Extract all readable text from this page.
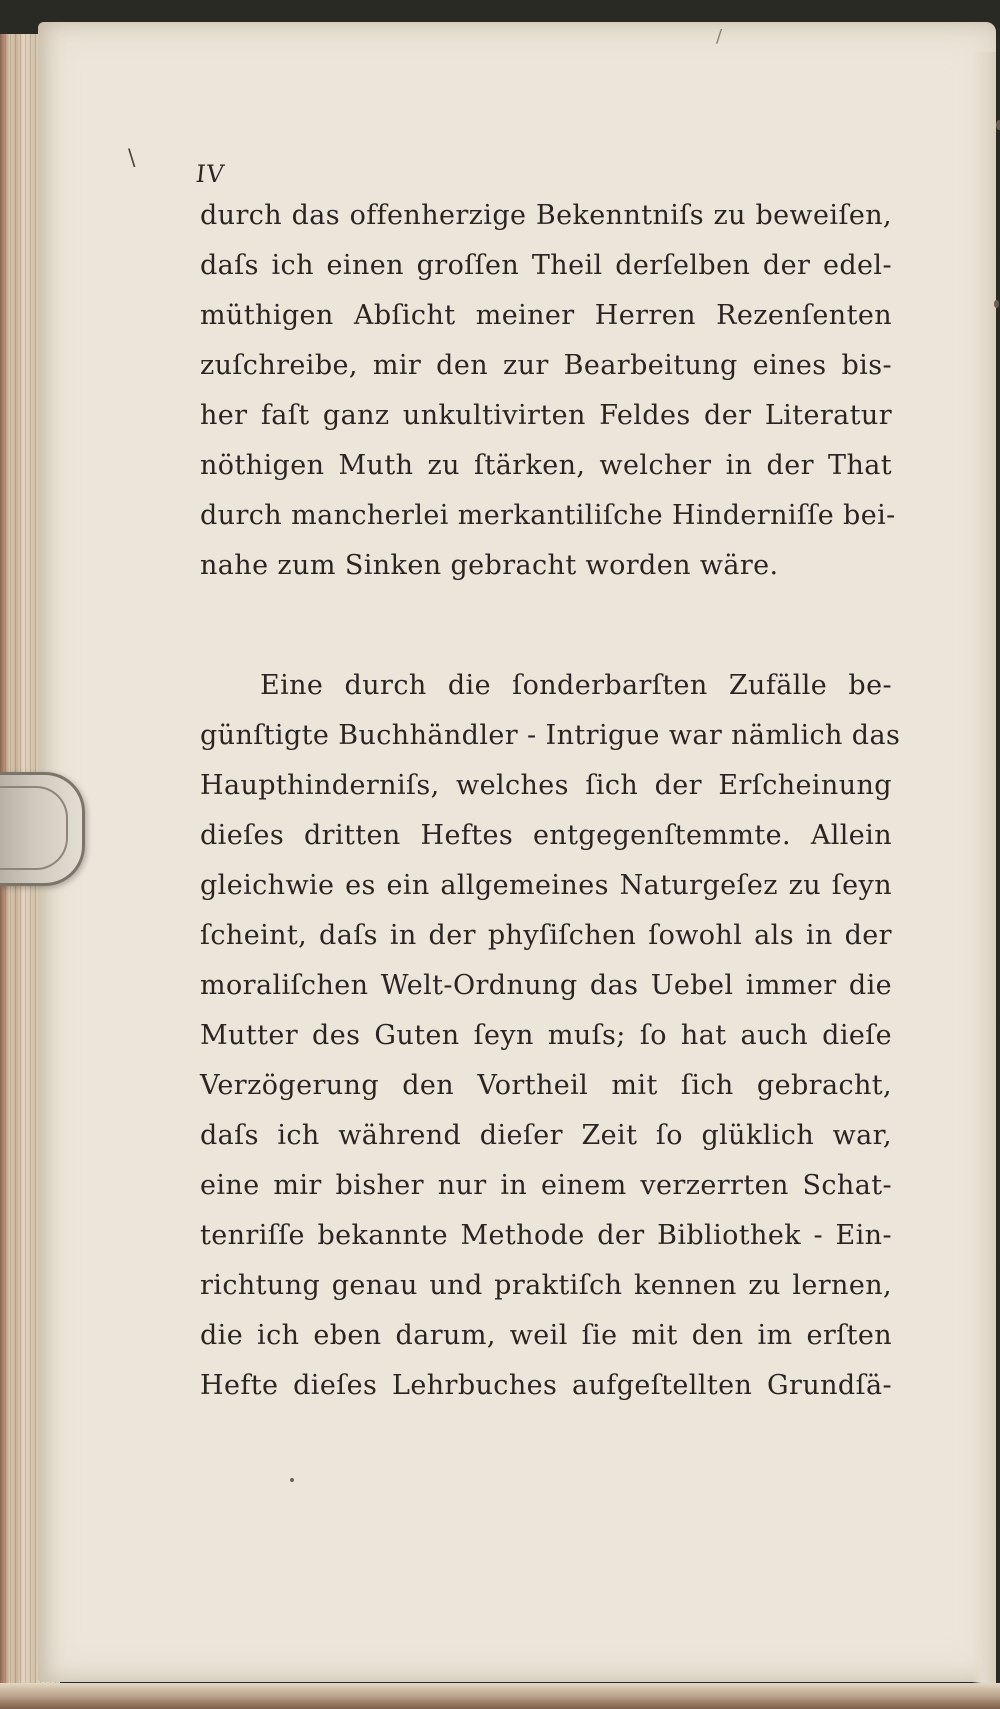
\
/
IV
durch das offenherzige Bekenntniſs zu beweiſen,
daſs ich einen groſſen Theil derſelben der edel-
müthigen Abſicht meiner Herren Rezenſenten
zuſchreibe, mir den zur Bearbeitung eines bis-
her faſt ganz unkultivirten Feldes der Literatur
nöthigen Muth zu ſtärken, welcher in der That
durch mancherlei merkantiliſche Hinderniſſe bei-
nahe zum Sinken gebracht worden wäre.
Eine durch die ſonderbarſten Zufälle be-
günſtigte Buchhändler - Intrigue war nämlich das
Haupthinderniſs, welches ſich der Erſcheinung
dieſes dritten Heftes entgegenſtemmte. Allein
gleichwie es ein allgemeines Naturgeſez zu ſeyn
ſcheint, daſs in der phyſiſchen ſowohl als in der
moraliſchen Welt-Ordnung das Uebel immer die
Mutter des Guten ſeyn muſs; ſo hat auch dieſe
Verzögerung den Vortheil mit ſich gebracht,
daſs ich während dieſer Zeit ſo glüklich war,
eine mir bisher nur in einem verzerrten Schat-
tenriſſe bekannte Methode der Bibliothek - Ein-
richtung genau und praktiſch kennen zu lernen,
die ich eben darum, weil ſie mit den im erſten
Hefte dieſes Lehrbuches aufgeſtellten Grundſä-
